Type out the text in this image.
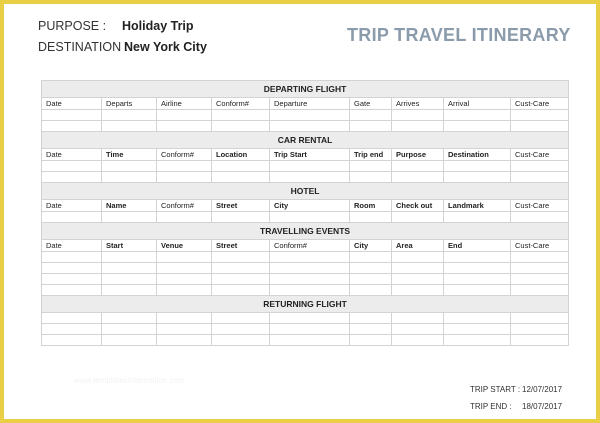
PURPOSE : Holiday Trip
DESTINATION :
New York City
TRIP TRAVEL ITINERARY
DEPARTING FLIGHT								
Date	Departs	Airline	Conform#	Departure	Gate	Arrives	Arrival	Cust-Care

CAR RENTAL								
Date	Time	Conform#	Location	Trip Start	Trip end	Purpose	Destination	Cust-Care

HOTEL								
Date	Name	Conform#	Street	City	Room	Check out	Landmark	Cust-Care

TRAVELLING EVENTS								
Date	Start	Venue	Street	Conform#	City	Area	End	Cust-Care

RETURNING FLIGHT								

www.templatesinformation.com
TRIP START : 12/07/2017
TRIP END : 18/07/2017
